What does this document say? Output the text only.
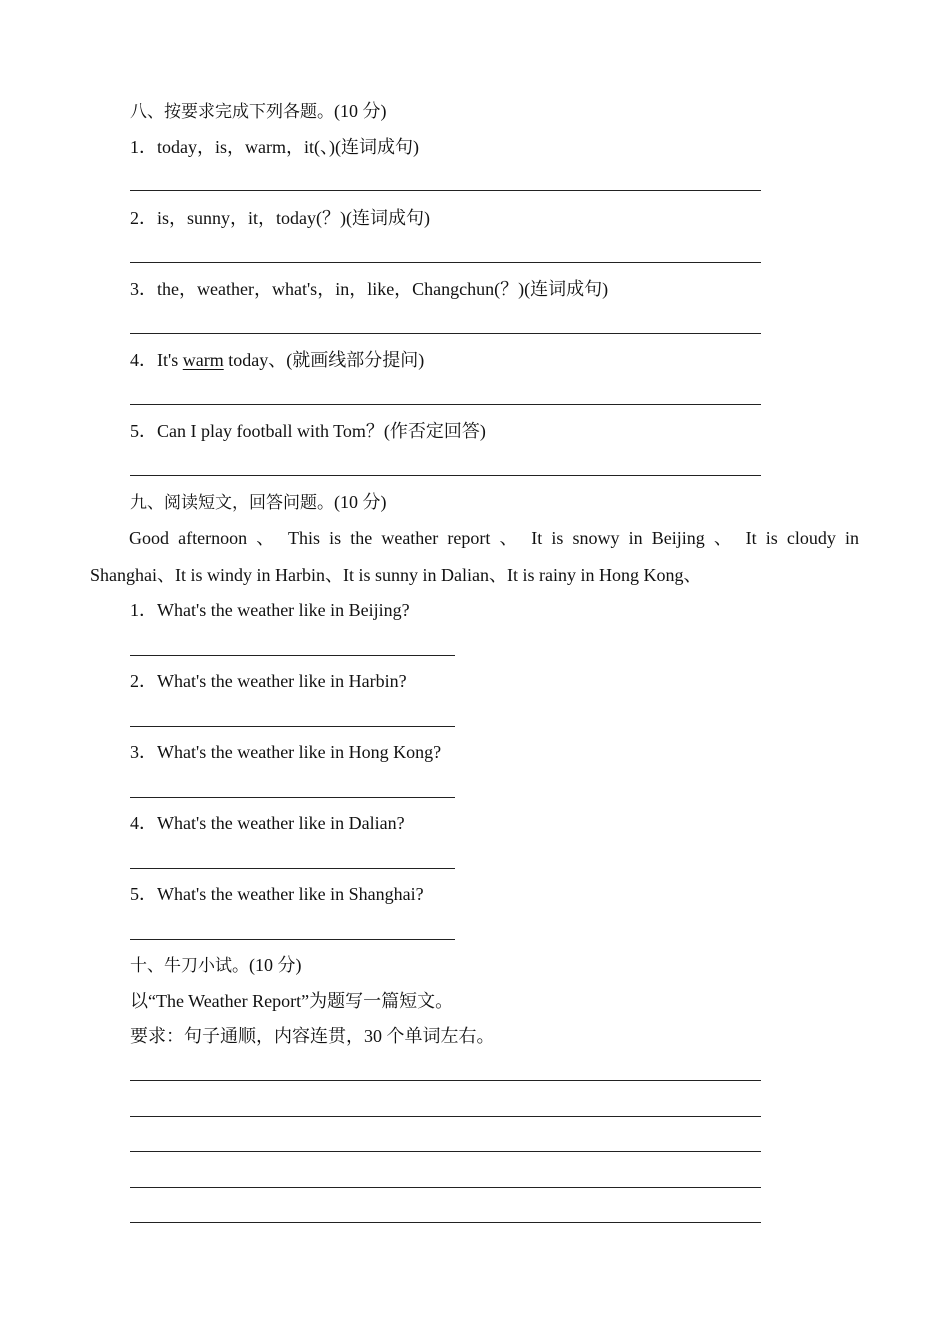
八、按要求完成下列各题。(10 分)
1．today，is，warm，it(、)(连词成句)
2．is，sunny，it，today(？)(连词成句)
3．the，weather，what's，in，like，Changchun(？)(连词成句)
4．It's warm today、(就画线部分提问)
5．Can I play football with Tom？(作否定回答)
九、阅读短文，回答问题。(10 分)
Good afternoon 、 This is the weather report 、 It is snowy in Beijing 、 It is cloudy in
Shanghai、It is windy in Harbin、It is sunny in Dalian、It is rainy in Hong Kong、
1．What's the weather like in Beijing?
2．What's the weather like in Harbin?
3．What's the weather like in Hong Kong?
4．What's the weather like in Dalian?
5．What's the weather like in Shanghai?
十、牛刀小试。(10 分)
以“The Weather Report”为题写一篇短文。
要求：句子通顺，内容连贯，30 个单词左右。
